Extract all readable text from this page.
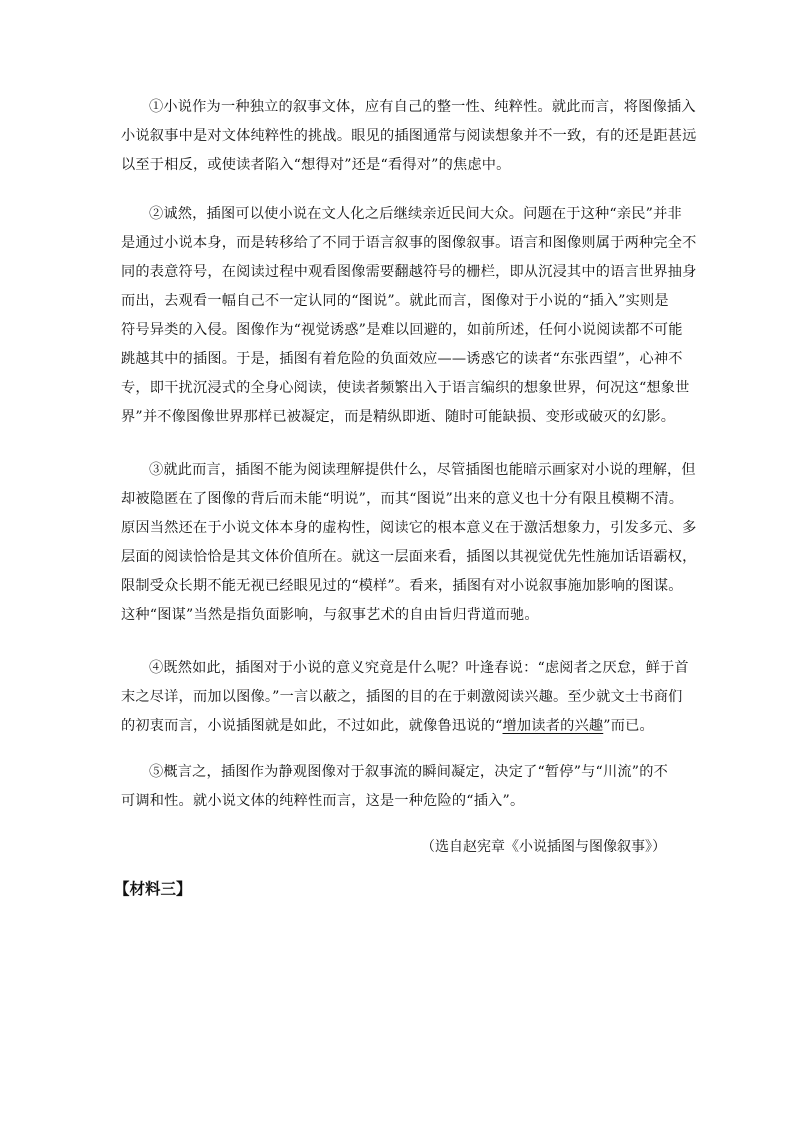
①小说作为一种独立的叙事文体，应有自己的整一性、纯粹性。就此而言，将图像插入
小说叙事中是对文体纯粹性的挑战。眼见的插图通常与阅读想象并不一致，有的还是距甚远
以至于相反，或使读者陷入“想得对”还是“看得对”的焦虑中。

②诚然，插图可以使小说在文人化之后继续亲近民间大众。问题在于这种“亲民”并非
是通过小说本身，而是转移给了不同于语言叙事的图像叙事。语言和图像则属于两种完全不
同的表意符号，在阅读过程中观看图像需要翻越符号的栅栏，即从沉浸其中的语言世界抽身
而出，去观看一幅自己不一定认同的“图说”。就此而言，图像对于小说的“插入”实则是
符号异类的入侵。图像作为“视觉诱惑”是难以回避的，如前所述，任何小说阅读都不可能
跳越其中的插图。于是，插图有着危险的负面效应——诱惑它的读者“东张西望”，心神不
专，即干扰沉浸式的全身心阅读，使读者频繁出入于语言编织的想象世界，何况这“想象世
界”并不像图像世界那样已被凝定，而是精纵即逝、随时可能缺损、变形或破灭的幻影。

③就此而言，插图不能为阅读理解提供什么，尽管插图也能暗示画家对小说的理解，但
却被隐匿在了图像的背后而未能“明说”，而其“图说”出来的意义也十分有限且模糊不清。
原因当然还在于小说文体本身的虚构性，阅读它的根本意义在于激活想象力，引发多元、多
层面的阅读恰恰是其文体价值所在。就这一层面来看，插图以其视觉优先性施加话语霸权，
限制受众长期不能无视已经眼见过的“模样”。看来，插图有对小说叙事施加影响的图谋。
这种“图谋”当然是指负面影响，与叙事艺术的自由旨归背道而驰。

④既然如此，插图对于小说的意义究竟是什么呢？叶逢春说：“虑阅者之厌怠，鲜于首
末之尽详，而加以图像。”一言以蔽之，插图的目的在于刺激阅读兴趣。至少就文士书商们
的初衷而言，小说插图就是如此，不过如此，就像鲁迅说的“增加读者的兴趣”而已。

⑤概言之，插图作为静观图像对于叙事流的瞬间凝定，决定了“暂停”与“川流”的不
可调和性。就小说文体的纯粹性而言，这是一种危险的“插入”。

（选自赵宪章《小说插图与图像叙事》）
【材料三】
